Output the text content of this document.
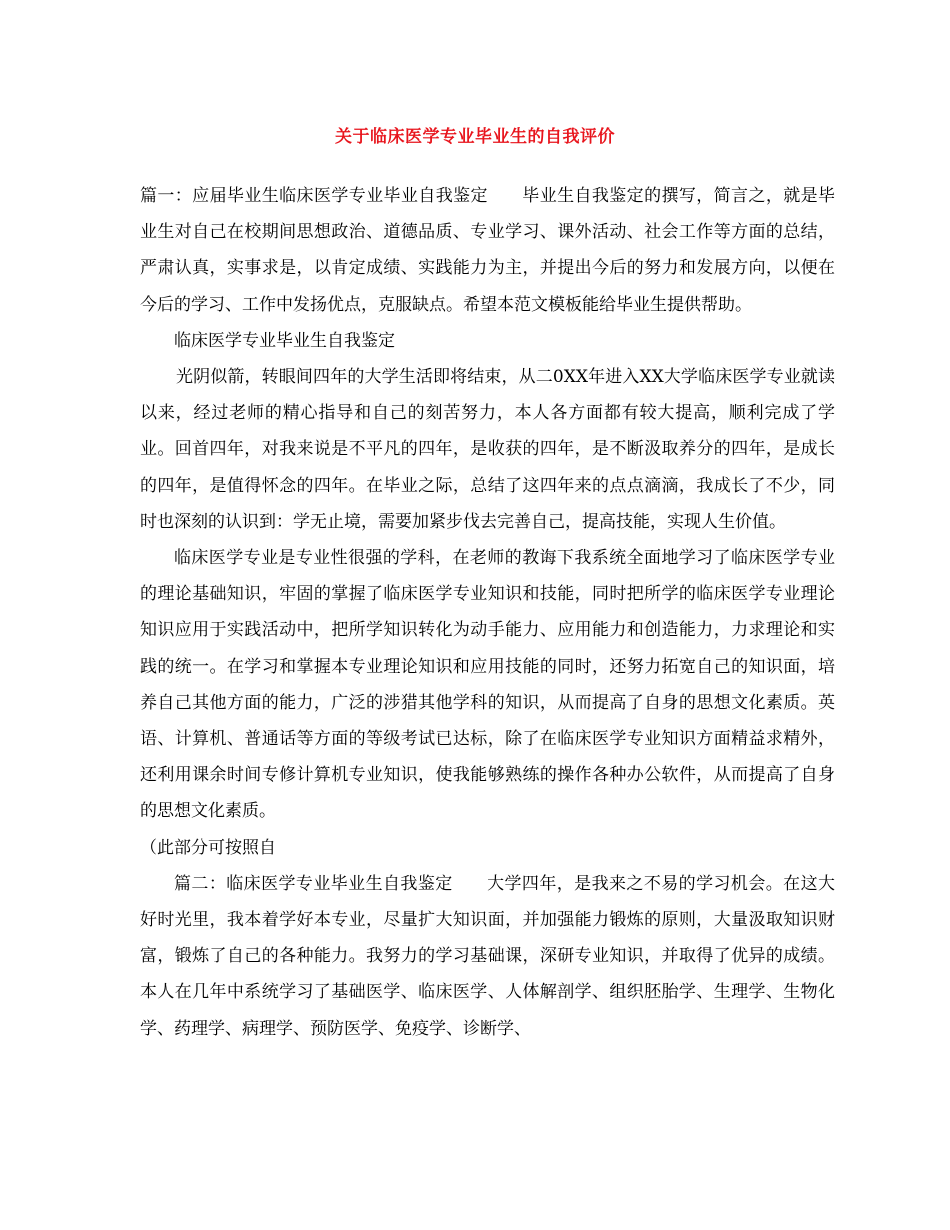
关于临床医学专业毕业生的自我评价

篇一：应届毕业生临床医学专业毕业自我鉴定 毕业生自我鉴定的撰写，简言之，就是毕业生对自己在校期间思想政治、道德品质、专业学习、课外活动、社会工作等方面的总结，严肃认真，实事求是，以肯定成绩、实践能力为主，并提出今后的努力和发展方向，以便在今后的学习、工作中发扬优点，克服缺点。希望本范文模板能给毕业生提供帮助。

临床医学专业毕业生自我鉴定

光阴似箭，转眼间四年的大学生活即将结束，从二0XX年进入XX大学临床医学专业就读以来，经过老师的精心指导和自己的刻苦努力，本人各方面都有较大提高，顺利完成了学业。回首四年，对我来说是不平凡的四年，是收获的四年，是不断汲取养分的四年，是成长的四年，是值得怀念的四年。在毕业之际，总结了这四年来的点点滴滴，我成长了不少，同时也深刻的认识到：学无止境，需要加紧步伐去完善自己，提高技能，实现人生价值。

临床医学专业是专业性很强的学科，在老师的教诲下我系统全面地学习了临床医学专业的理论基础知识，牢固的掌握了临床医学专业知识和技能，同时把所学的临床医学专业理论知识应用于实践活动中，把所学知识转化为动手能力、应用能力和创造能力，力求理论和实践的统一。在学习和掌握本专业理论知识和应用技能的同时，还努力拓宽自己的知识面，培养自己其他方面的能力，广泛的涉猎其他学科的知识，从而提高了自身的思想文化素质。英语、计算机、普通话等方面的等级考试已达标，除了在临床医学专业知识方面精益求精外，还利用课余时间专修计算机专业知识，使我能够熟练的操作各种办公软件，从而提高了自身的思想文化素质。

（此部分可按照自

篇二：临床医学专业毕业生自我鉴定 大学四年，是我来之不易的学习机会。在这大好时光里，我本着学好本专业，尽量扩大知识面，并加强能力锻炼的原则，大量汲取知识财富，锻炼了自己的各种能力。我努力的学习基础课，深研专业知识，并取得了优异的成绩。本人在几年中系统学习了基础医学、临床医学、人体解剖学、组织胚胎学、生理学、生物化学、药理学、病理学、预防医学、免疫学、诊断学、
